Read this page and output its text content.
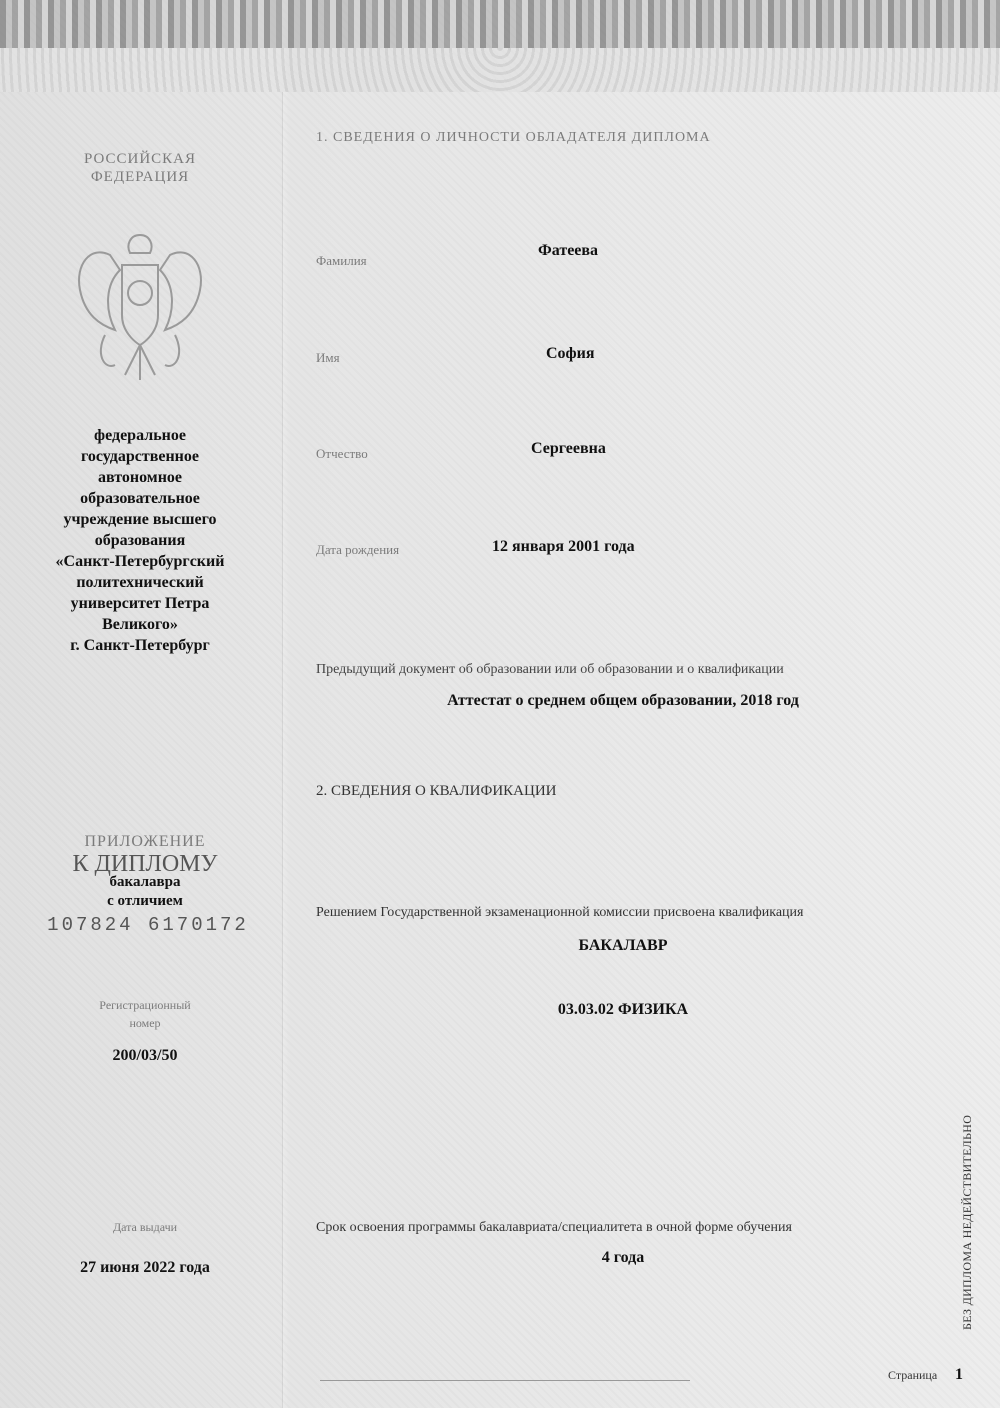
РОССИЙСКАЯ ФЕДЕРАЦИЯ
федеральное
государственное
автономное
образовательное
учреждение высшего
образования
«Санкт-Петербургский
политехнический
университет Петра
Великого»
г. Санкт-Петербург
ПРИЛОЖЕНИЕ
К ДИПЛОМУ
бакалавра
с отличием
107824 6170172
Регистрационный
номер
200/03/50
Дата выдачи
27 июня 2022 года
1. СВЕДЕНИЯ О ЛИЧНОСТИ ОБЛАДАТЕЛЯ ДИПЛОМА
Фамилия
Фатеева
Имя	София
Отчество	Сергеевна
Дата рождения	12 января 2001 года
Предыдущий документ об образовании или об образовании и о квалификации
Аттестат о среднем общем образовании, 2018 год
2. СВЕДЕНИЯ О КВАЛИФИКАЦИИ
Решением Государственной экзаменационной комиссии присвоена квалификация
БАКАЛАВР
03.03.02 ФИЗИКА
Срок освоения программы бакалавриата/специалитета в очной форме обучения
4 года	БЕЗ ДИПЛОМА НЕДЕЙСТВИТЕЛЬНО
Страница 1
